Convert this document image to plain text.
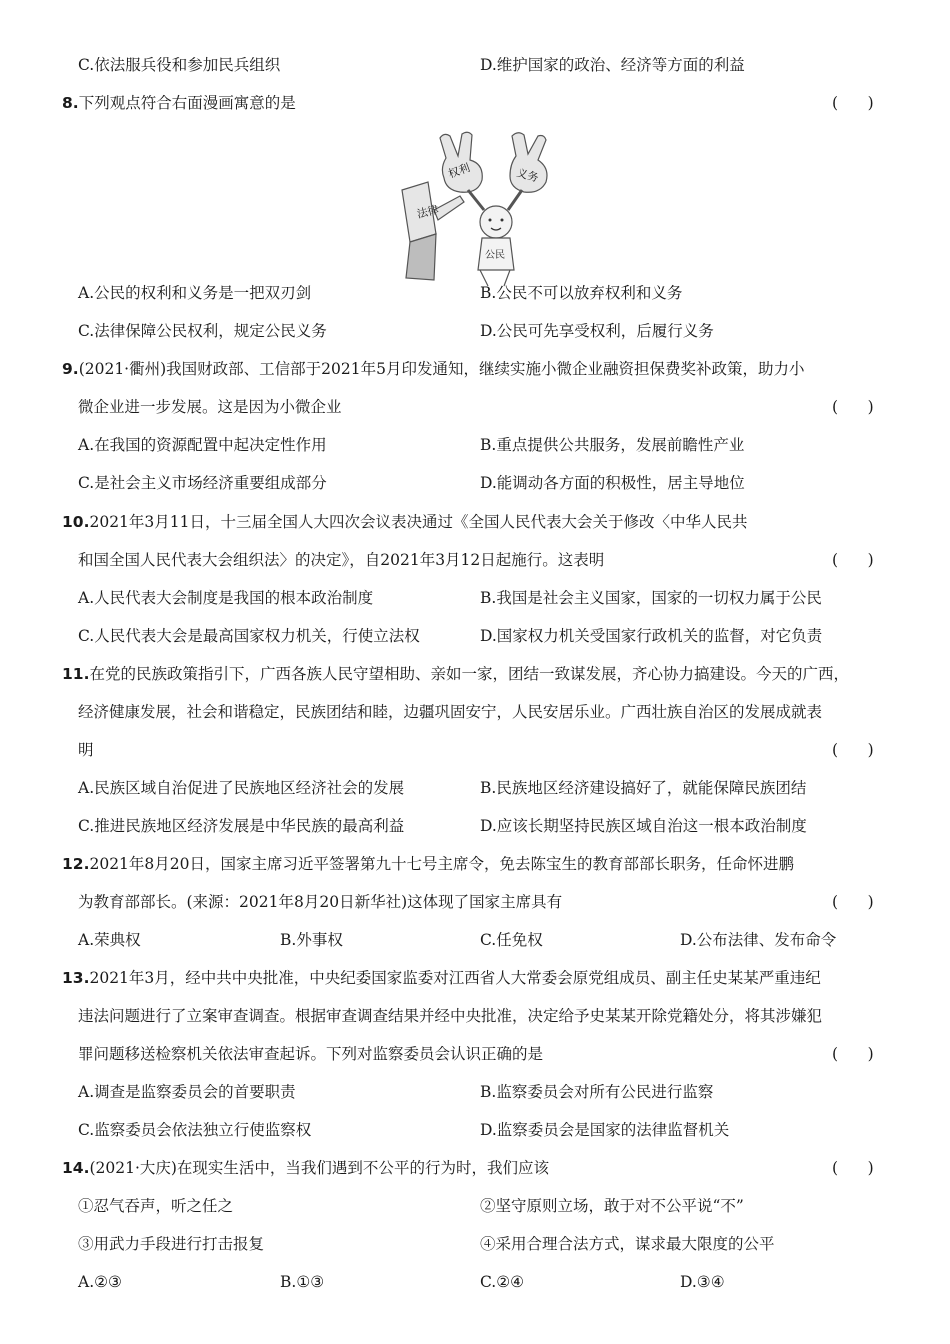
C.依法服兵役和参加民兵组织	D.维护国家的政治、经济等方面的利益
8.下列观点符合右面漫画寓意的是	(      )
法律
权利	义务
公民
A.公民的权利和义务是一把双刃剑	B.公民不可以放弃权利和义务
C.法律保障公民权利，规定公民义务	D.公民可先享受权利，后履行义务
9.(2021·衢州)我国财政部、工信部于2021年5月印发通知，继续实施小微企业融资担保费奖补政策，助力小
微企业进一步发展。这是因为小微企业	(      )
A.在我国的资源配置中起决定性作用	B.重点提供公共服务，发展前瞻性产业
C.是社会主义市场经济重要组成部分	D.能调动各方面的积极性，居主导地位
10.2021年3月11日，十三届全国人大四次会议表决通过《全国人民代表大会关于修改〈中华人民共
和国全国人民代表大会组织法〉的决定》，自2021年3月12日起施行。这表明	(      )
A.人民代表大会制度是我国的根本政治制度	B.我国是社会主义国家，国家的一切权力属于公民
C.人民代表大会是最高国家权力机关，行使立法权	D.国家权力机关受国家行政机关的监督，对它负责
11.在党的民族政策指引下，广西各族人民守望相助、亲如一家，团结一致谋发展，齐心协力搞建设。今天的广西，
经济健康发展，社会和谐稳定，民族团结和睦，边疆巩固安宁，人民安居乐业。广西壮族自治区的发展成就表
明	(      )
A.民族区域自治促进了民族地区经济社会的发展	B.民族地区经济建设搞好了，就能保障民族团结
C.推进民族地区经济发展是中华民族的最高利益	D.应该长期坚持民族区域自治这一根本政治制度
12.2021年8月20日，国家主席习近平签署第九十七号主席令，免去陈宝生的教育部部长职务，任命怀进鹏
为教育部部长。(来源：2021年8月20日新华社)这体现了国家主席具有	(      )
A.荣典权	B.外事权	C.任免权	D.公布法律、发布命令
13.2021年3月，经中共中央批准，中央纪委国家监委对江西省人大常委会原党组成员、副主任史某某严重违纪
违法问题进行了立案审查调查。根据审查调查结果并经中央批准，决定给予史某某开除党籍处分，将其涉嫌犯
罪问题移送检察机关依法审查起诉。下列对监察委员会认识正确的是	(      )
A.调查是监察委员会的首要职责	B.监察委员会对所有公民进行监察
C.监察委员会依法独立行使监察权	D.监察委员会是国家的法律监督机关
14.(2021·大庆)在现实生活中，当我们遇到不公平的行为时，我们应该	(      )
①忍气吞声，听之任之	②坚守原则立场，敢于对不公平说“不”
③用武力手段进行打击报复	④采用合理合法方式，谋求最大限度的公平
A.②③	B.①③	C.②④	D.③④
